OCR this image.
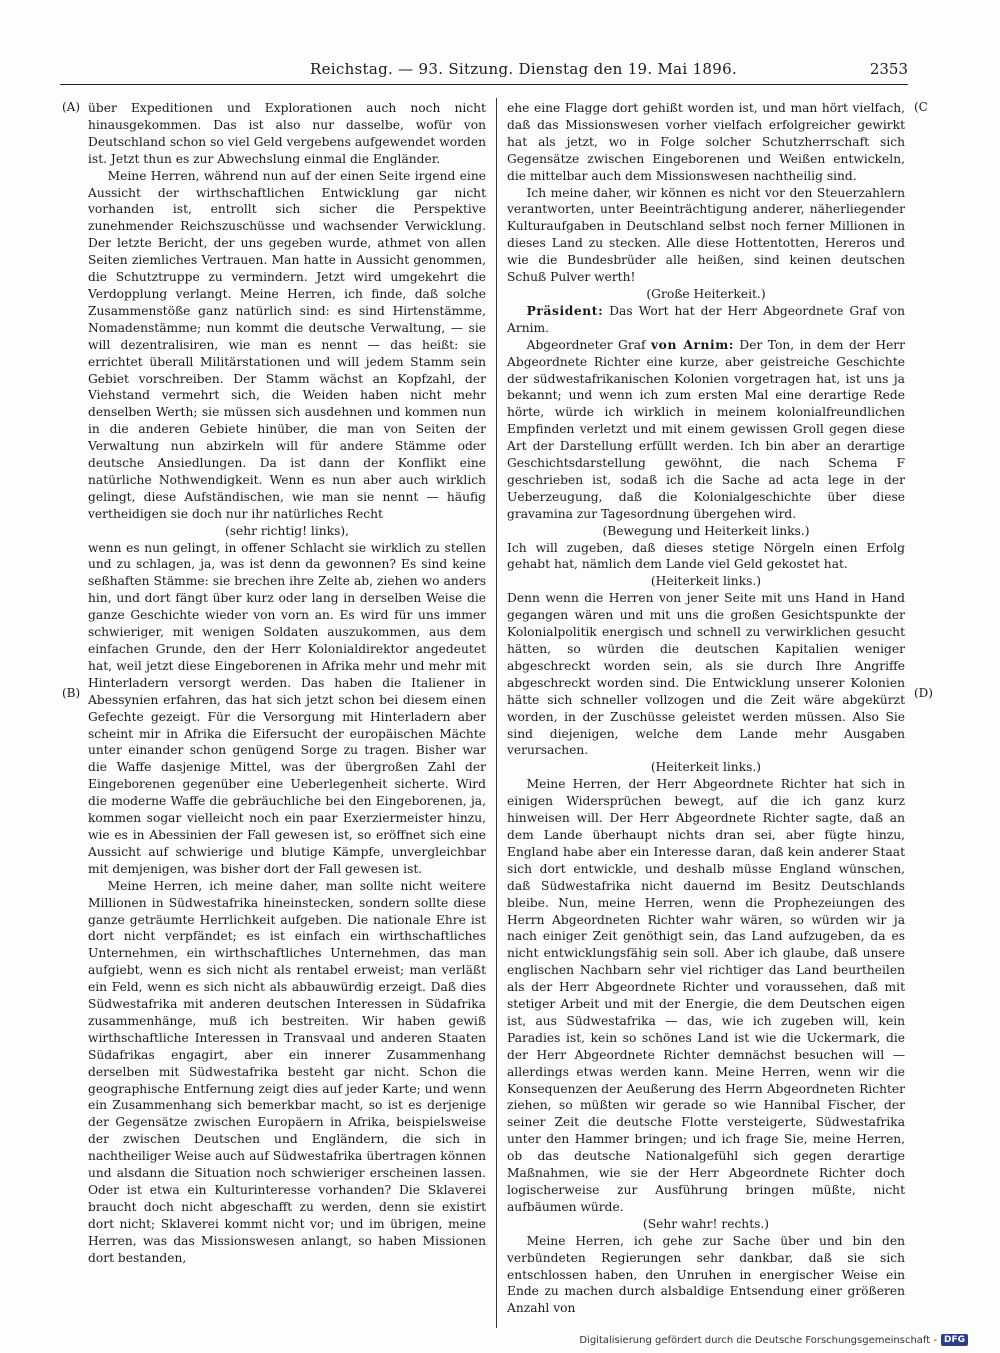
Reichstag. — 93. Sitzung. Dienstag den 19. Mai 1896.	2353
(A)
(B)
(C
(D)

über Expeditionen und Explorationen auch noch nicht hinausgekommen. Das ist also nur dasselbe, wofür von Deutschland schon so viel Geld vergebens aufgewendet worden ist. Jetzt thun es zur Abwechslung einmal die Engländer.

Meine Herren, während nun auf der einen Seite irgend eine Aussicht der wirthschaftlichen Entwicklung gar nicht vorhanden ist, entrollt sich sicher die Perspektive zunehmender Reichszuschüsse und wachsender Verwicklung. Der letzte Bericht, der uns gegeben wurde, athmet von allen Seiten ziemliches Vertrauen. Man hatte in Aussicht genommen, die Schutztruppe zu vermindern. Jetzt wird umgekehrt die Verdopplung verlangt. Meine Herren, ich finde, daß solche Zusammenstöße ganz natürlich sind: es sind Hirtenstämme, Nomadenstämme; nun kommt die deutsche Verwaltung, — sie will dezentralisiren, wie man es nennt — das heißt: sie errichtet überall Militärstationen und will jedem Stamm sein Gebiet vorschreiben. Der Stamm wächst an Kopfzahl, der Viehstand vermehrt sich, die Weiden haben nicht mehr denselben Werth; sie müssen sich ausdehnen und kommen nun in die anderen Gebiete hinüber, die man von Seiten der Verwaltung nun abzirkeln will für andere Stämme oder deutsche Ansiedlungen. Da ist dann der Konflikt eine natürliche Nothwendigkeit. Wenn es nun aber auch wirklich gelingt, diese Aufständischen, wie man sie nennt — häufig vertheidigen sie doch nur ihr natürliches Recht

(sehr richtig! links),

wenn es nun gelingt, in offener Schlacht sie wirklich zu stellen und zu schlagen, ja, was ist denn da gewonnen? Es sind keine seßhaften Stämme: sie brechen ihre Zelte ab, ziehen wo anders hin, und dort fängt über kurz oder lang in derselben Weise die ganze Geschichte wieder von vorn an. Es wird für uns immer schwieriger, mit wenigen Soldaten auszukommen, aus dem einfachen Grunde, den der Herr Kolonialdirektor angedeutet hat, weil jetzt diese Eingeborenen in Afrika mehr und mehr mit Hinterladern versorgt werden. Das haben die Italiener in Abessynien erfahren, das hat sich jetzt schon bei diesem einen Gefechte gezeigt. Für die Versorgung mit Hinterladern aber scheint mir in Afrika die Eifersucht der europäischen Mächte unter einander schon genügend Sorge zu tragen. Bisher war die Waffe dasjenige Mittel, was der übergroßen Zahl der Eingeborenen gegenüber eine Ueberlegenheit sicherte. Wird die moderne Waffe die gebräuchliche bei den Eingeborenen, ja, kommen sogar vielleicht noch ein paar Exerziermeister hinzu, wie es in Abessinien der Fall gewesen ist, so eröffnet sich eine Aussicht auf schwierige und blutige Kämpfe, unvergleichbar mit demjenigen, was bisher dort der Fall gewesen ist.

Meine Herren, ich meine daher, man sollte nicht weitere Millionen in Südwestafrika hineinstecken, sondern sollte diese ganze geträumte Herrlichkeit aufgeben. Die nationale Ehre ist dort nicht verpfändet; es ist einfach ein wirthschaftliches Unternehmen, ein wirthschaftliches Unternehmen, das man aufgiebt, wenn es sich nicht als rentabel erweist; man verläßt ein Feld, wenn es sich nicht als abbauwürdig erzeigt. Daß dies Südwestafrika mit anderen deutschen Interessen in Südafrika zusammenhänge, muß ich bestreiten. Wir haben gewiß wirthschaftliche Interessen in Transvaal und anderen Staaten Südafrikas engagirt, aber ein innerer Zusammenhang derselben mit Südwestafrika besteht gar nicht. Schon die geographische Entfernung zeigt dies auf jeder Karte; und wenn ein Zusammenhang sich bemerkbar macht, so ist es derjenige der Gegensätze zwischen Europäern in Afrika, beispielsweise der zwischen Deutschen und Engländern, die sich in nachtheiliger Weise auch auf Südwestafrika übertragen können und alsdann die Situation noch schwieriger erscheinen lassen. Oder ist etwa ein Kulturinteresse vorhanden? Die Sklaverei braucht doch nicht abgeschafft zu werden, denn sie existirt dort nicht; Sklaverei kommt nicht vor; und im übrigen, meine Herren, was das Missionswesen anlangt, so haben Missionen dort bestanden,

ehe eine Flagge dort gehißt worden ist, und man hört vielfach, daß das Missionswesen vorher vielfach erfolgreicher gewirkt hat als jetzt, wo in Folge solcher Schutzherrschaft sich Gegensätze zwischen Eingeborenen und Weißen entwickeln, die mittelbar auch dem Missionswesen nachtheilig sind.

Ich meine daher, wir können es nicht vor den Steuerzahlern verantworten, unter Beeinträchtigung anderer, näherliegender Kulturaufgaben in Deutschland selbst noch ferner Millionen in dieses Land zu stecken. Alle diese Hottentotten, Hereros und wie die Bundesbrüder alle heißen, sind keinen deutschen Schuß Pulver werth!

(Große Heiterkeit.)

Präsident: Das Wort hat der Herr Abgeordnete Graf von Arnim.

Abgeordneter Graf von Arnim: Der Ton, in dem der Herr Abgeordnete Richter eine kurze, aber geistreiche Geschichte der südwestafrikanischen Kolonien vorgetragen hat, ist uns ja bekannt; und wenn ich zum ersten Mal eine derartige Rede hörte, würde ich wirklich in meinem kolonialfreundlichen Empfinden verletzt und mit einem gewissen Groll gegen diese Art der Darstellung erfüllt werden. Ich bin aber an derartige Geschichtsdarstellung gewöhnt, die nach Schema F geschrieben ist, sodaß ich die Sache ad acta lege in der Ueberzeugung, daß die Kolonialgeschichte über diese gravamina zur Tagesordnung übergehen wird.

(Bewegung und Heiterkeit links.)

Ich will zugeben, daß dieses stetige Nörgeln einen Erfolg gehabt hat, nämlich dem Lande viel Geld gekostet hat.

(Heiterkeit links.)

Denn wenn die Herren von jener Seite mit uns Hand in Hand gegangen wären und mit uns die großen Gesichtspunkte der Kolonialpolitik energisch und schnell zu verwirklichen gesucht hätten, so würden die deutschen Kapitalien weniger abgeschreckt worden sein, als sie durch Ihre Angriffe abgeschreckt worden sind. Die Entwicklung unserer Kolonien hätte sich schneller vollzogen und die Zeit wäre abgekürzt worden, in der Zuschüsse geleistet werden müssen. Also Sie sind diejenigen, welche dem Lande mehr Ausgaben verursachen.

(Heiterkeit links.)

Meine Herren, der Herr Abgeordnete Richter hat sich in einigen Widersprüchen bewegt, auf die ich ganz kurz hinweisen will. Der Herr Abgeordnete Richter sagte, daß an dem Lande überhaupt nichts dran sei, aber fügte hinzu, England habe aber ein Interesse daran, daß kein anderer Staat sich dort entwickle, und deshalb müsse England wünschen, daß Südwestafrika nicht dauernd im Besitz Deutschlands bleibe. Nun, meine Herren, wenn die Prophezeiungen des Herrn Abgeordneten Richter wahr wären, so würden wir ja nach einiger Zeit genöthigt sein, das Land aufzugeben, da es nicht entwicklungsfähig sein soll. Aber ich glaube, daß unsere englischen Nachbarn sehr viel richtiger das Land beurtheilen als der Herr Abgeordnete Richter und voraussehen, daß mit stetiger Arbeit und mit der Energie, die dem Deutschen eigen ist, aus Südwestafrika — das, wie ich zugeben will, kein Paradies ist, kein so schönes Land ist wie die Uckermark, die der Herr Abgeordnete Richter demnächst besuchen will — allerdings etwas werden kann. Meine Herren, wenn wir die Konsequenzen der Aeußerung des Herrn Abgeordneten Richter ziehen, so müßten wir gerade so wie Hannibal Fischer, der seiner Zeit die deutsche Flotte versteigerte, Südwestafrika unter den Hammer bringen; und ich frage Sie, meine Herren, ob das deutsche Nationalgefühl sich gegen derartige Maßnahmen, wie sie der Herr Abgeordnete Richter doch logischerweise zur Ausführung bringen müßte, nicht aufbäumen würde.

(Sehr wahr! rechts.)

Meine Herren, ich gehe zur Sache über und bin den verbündeten Regierungen sehr dankbar, daß sie sich entschlossen haben, den Unruhen in energischer Weise ein Ende zu machen durch alsbaldige Entsendung einer größeren Anzahl von

Digitalisierung gefördert durch die Deutsche Forschungsgemeinschaft - DFG
